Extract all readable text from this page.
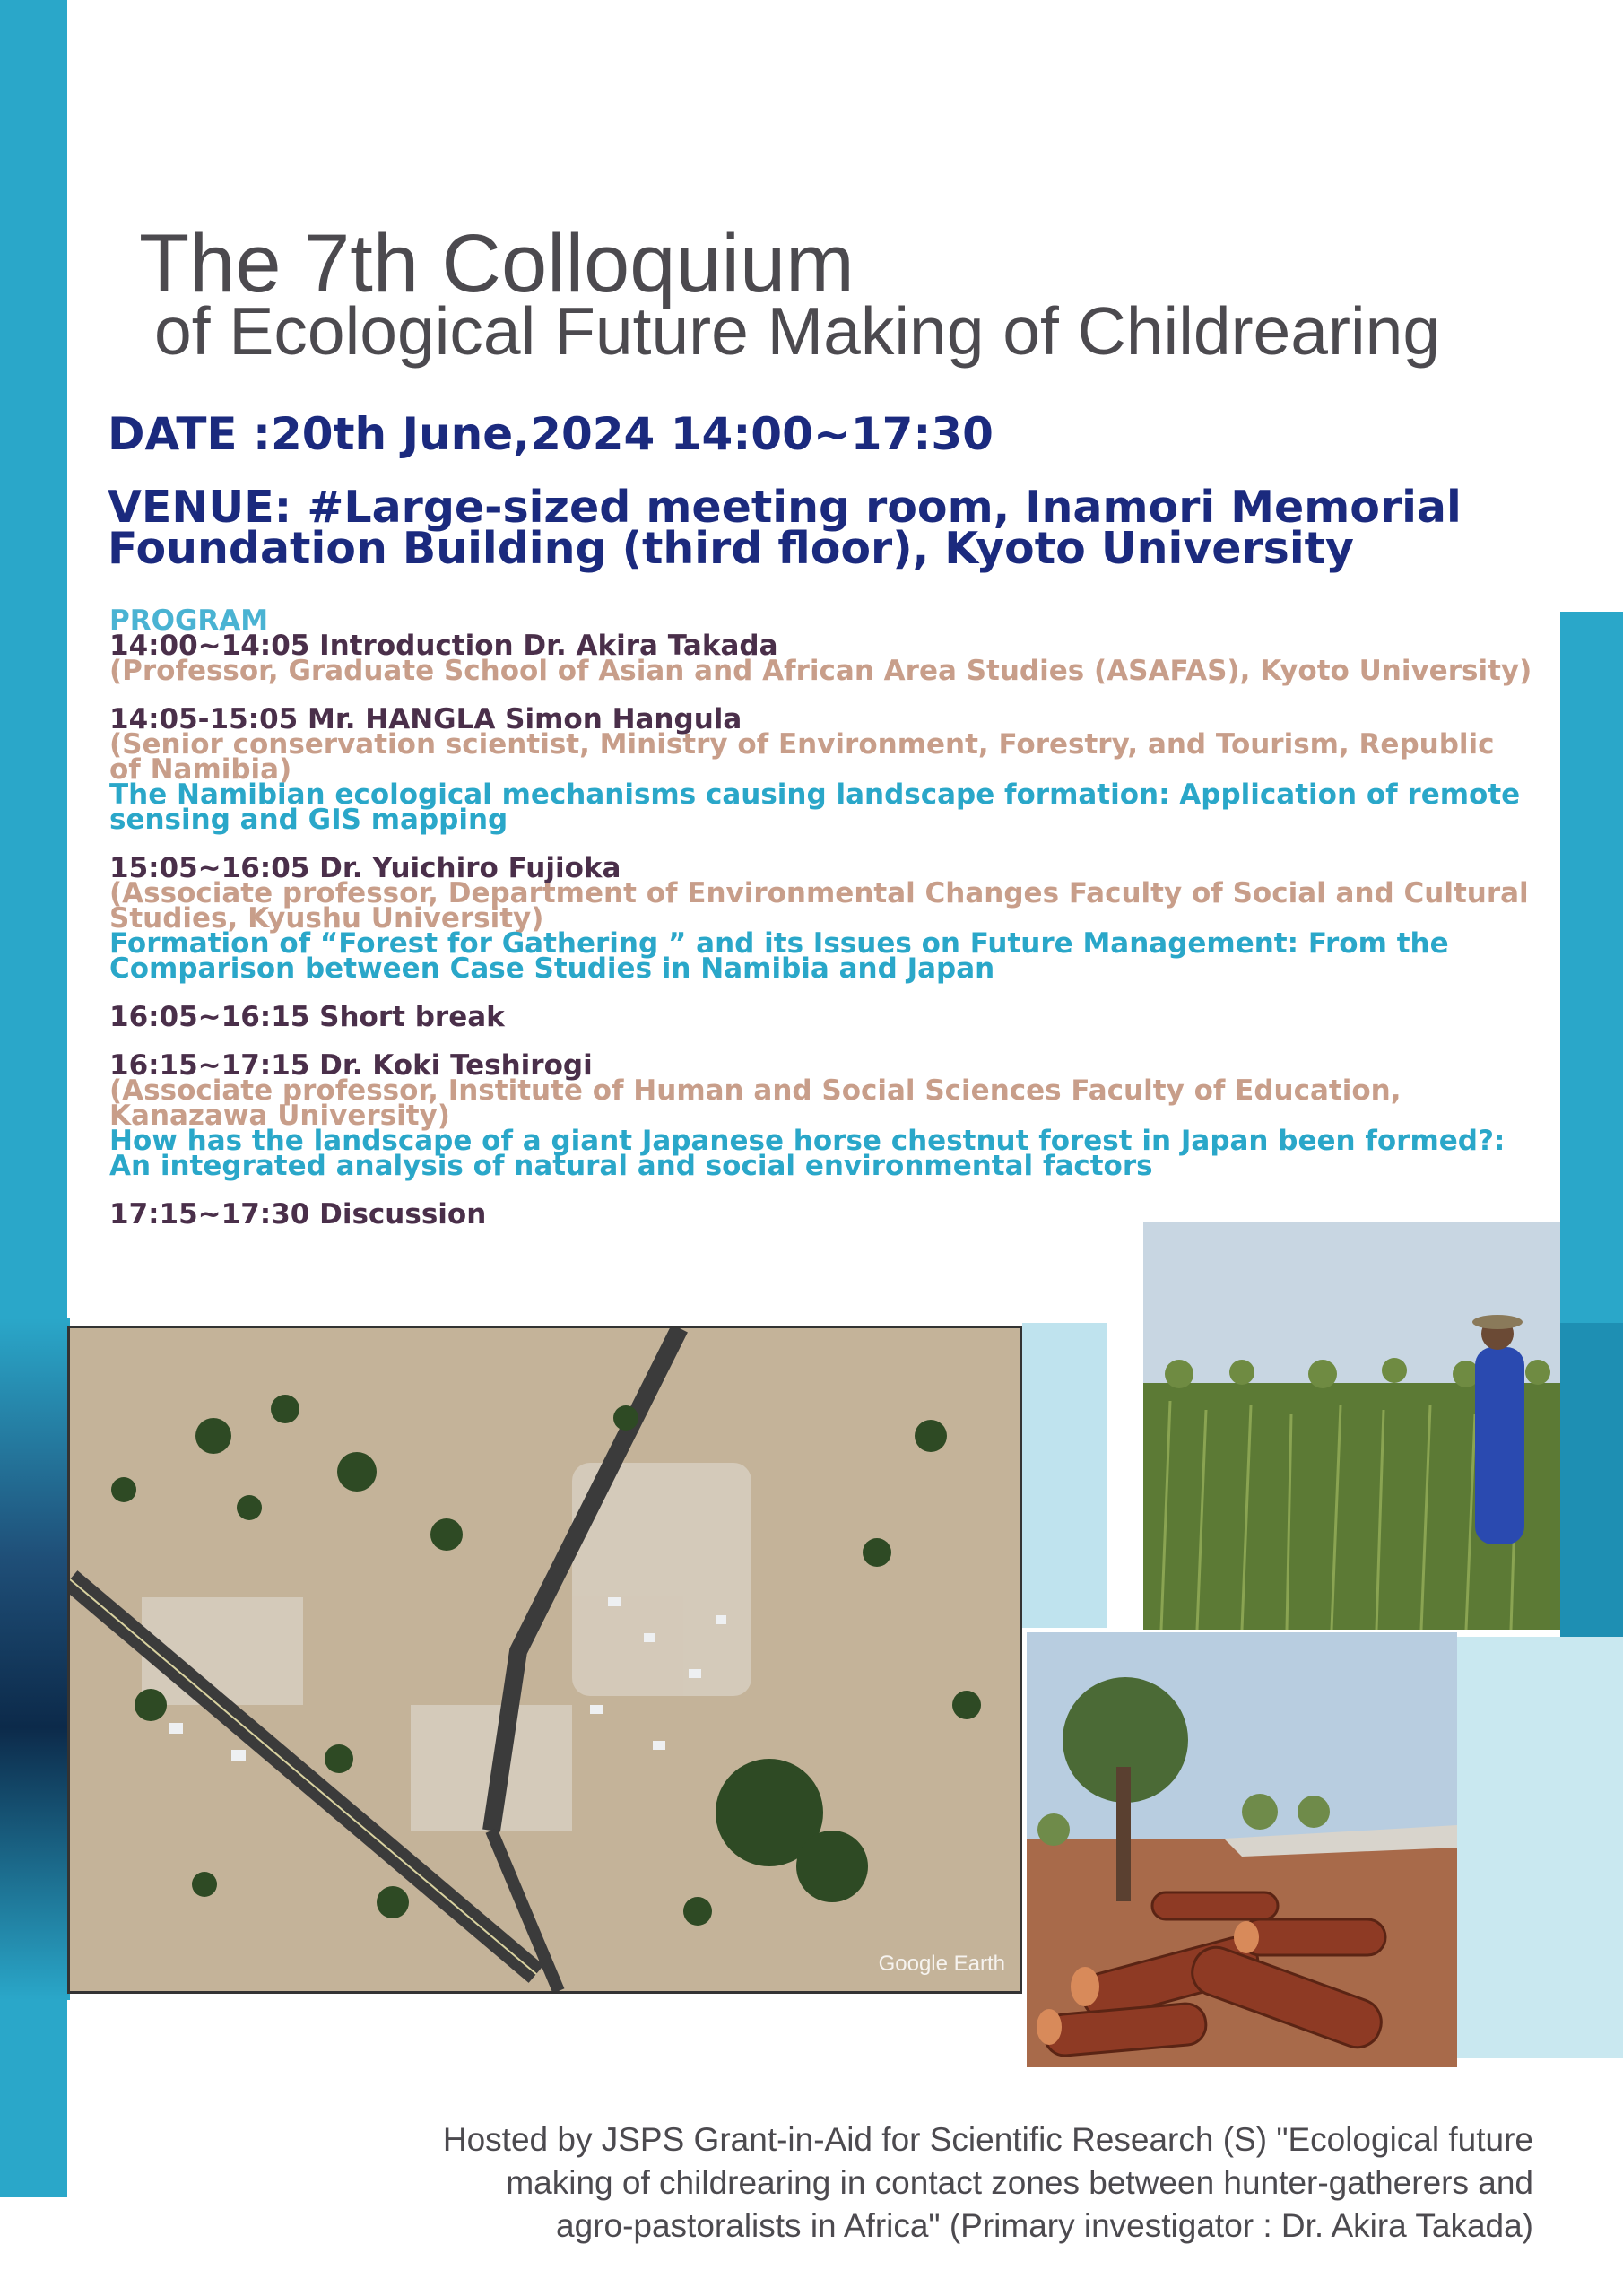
The 7th Colloquium
of Ecological Future Making of Childrearing
DATE :20th June,2024 14:00~17:30
VENUE: #Large-sized meeting room, Inamori Memorial Foundation Building (third floor), Kyoto University
PROGRAM
14:00~14:05 Introduction Dr. Akira Takada
(Professor, Graduate School of Asian and African Area Studies (ASAFAS), Kyoto University)
14:05-15:05 Mr. HANGLA Simon Hangula
(Senior conservation scientist, Ministry of Environment, Forestry, and Tourism, Republic of Namibia)
The Namibian ecological mechanisms causing landscape formation: Application of remote sensing and GIS mapping
15:05~16:05 Dr. Yuichiro Fujioka
(Associate professor, Department of Environmental Changes Faculty of Social and Cultural Studies, Kyushu University)
Formation of “Forest for Gathering ” and its Issues on Future Management: From the Comparison between Case Studies in Namibia and Japan
16:05~16:15 Short break
16:15~17:15 Dr. Koki Teshirogi
(Associate professor, Institute of Human and Social Sciences Faculty of Education, Kanazawa University)
How has the landscape of a giant Japanese horse chestnut forest in Japan been formed?: An integrated analysis of natural and social environmental factors
17:15~17:30 Discussion
Google Earth
Hosted by JSPS Grant-in-Aid for Scientific Research (S) "Ecological future
making of childrearing in contact zones between hunter-gatherers and
agro-pastoralists in Africa" (Primary investigator : Dr. Akira Takada)
